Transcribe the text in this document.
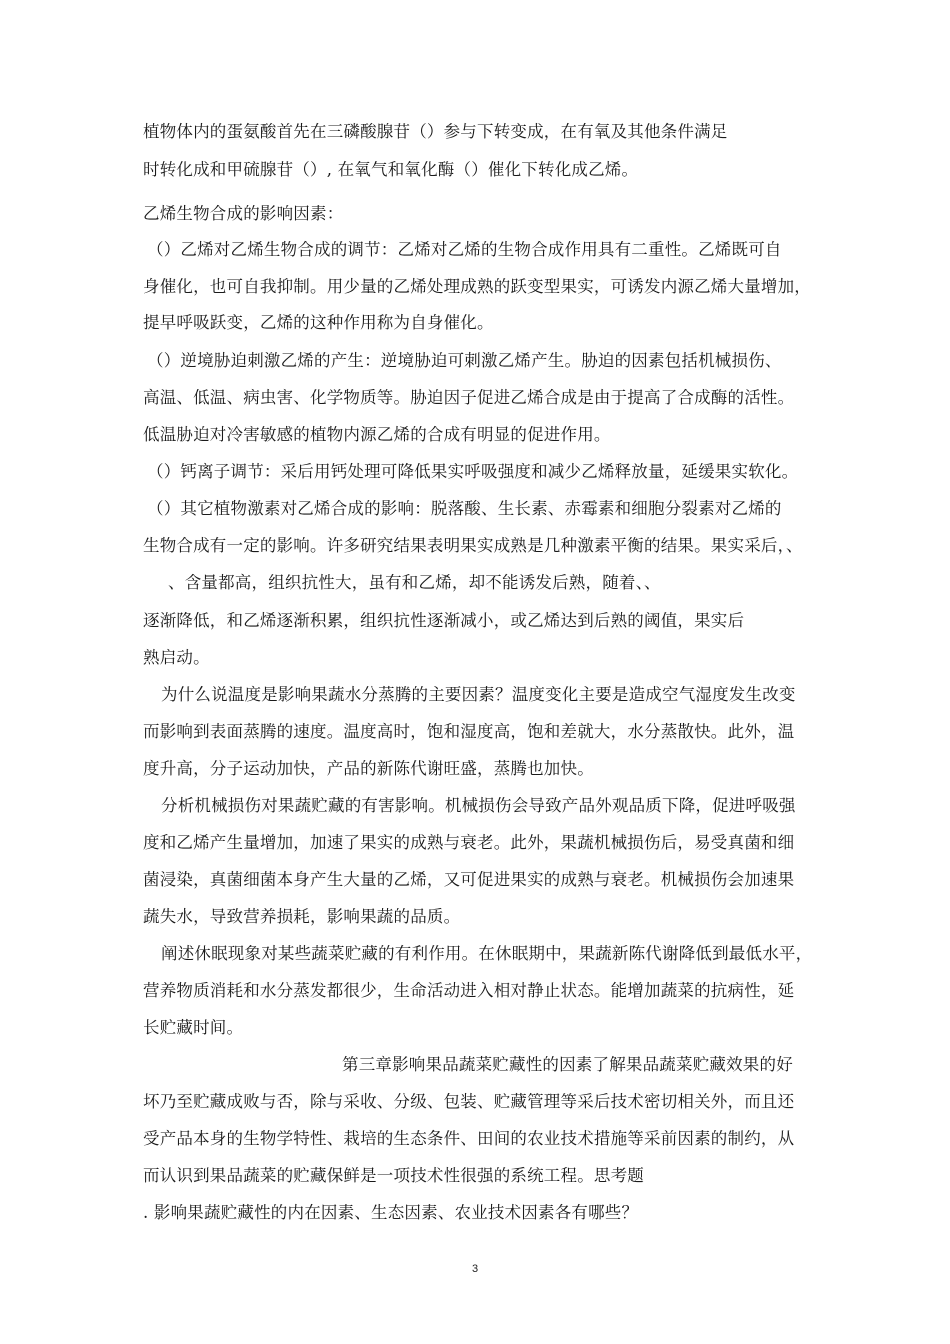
植物体内的蛋氨酸首先在三磷酸腺苷（）参与下转变成，在有氧及其他条件满足
时转化成和甲硫腺苷（）, 在氧气和氧化酶（）催化下转化成乙烯。
乙烯生物合成的影响因素：
（）乙烯对乙烯生物合成的调节：乙烯对乙烯的生物合成作用具有二重性。乙烯既可自
身催化，也可自我抑制。用少量的乙烯处理成熟的跃变型果实，可诱发内源乙烯大量增加，
提早呼吸跃变，乙烯的这种作用称为自身催化。
（）逆境胁迫刺激乙烯的产生：逆境胁迫可刺激乙烯产生。胁迫的因素包括机械损伤、
高温、低温、病虫害、化学物质等。胁迫因子促进乙烯合成是由于提高了合成酶的活性。
低温胁迫对冷害敏感的植物内源乙烯的合成有明显的促进作用。
（）钙离子调节：采后用钙处理可降低果实呼吸强度和减少乙烯释放量，延缓果实软化。
（）其它植物激素对乙烯合成的影响：脱落酸、生长素、赤霉素和细胞分裂素对乙烯的
生物合成有一定的影响。许多研究结果表明果实成熟是几种激素平衡的结果。果实采后，、
、含量都高，组织抗性大，虽有和乙烯，却不能诱发后熟，随着、、
逐渐降低，和乙烯逐渐积累，组织抗性逐渐减小，或乙烯达到后熟的阈值，果实后
熟启动。
为什么说温度是影响果蔬水分蒸腾的主要因素？温度变化主要是造成空气湿度发生改变
而影响到表面蒸腾的速度。温度高时，饱和湿度高，饱和差就大，水分蒸散快。此外，温
度升高，分子运动加快，产品的新陈代谢旺盛，蒸腾也加快。
分析机械损伤对果蔬贮藏的有害影响。机械损伤会导致产品外观品质下降，促进呼吸强
度和乙烯产生量增加，加速了果实的成熟与衰老。此外，果蔬机械损伤后，易受真菌和细
菌浸染，真菌细菌本身产生大量的乙烯，又可促进果实的成熟与衰老。机械损伤会加速果
蔬失水，导致营养损耗，影响果蔬的品质。
阐述休眠现象对某些蔬菜贮藏的有利作用。在休眠期中，果蔬新陈代谢降低到最低水平，
营养物质消耗和水分蒸发都很少，生命活动进入相对静止状态。能增加蔬菜的抗病性，延
长贮藏时间。
第三章影响果品蔬菜贮藏性的因素了解果品蔬菜贮藏效果的好
坏乃至贮藏成败与否，除与采收、分级、包装、贮藏管理等采后技术密切相关外，而且还
受产品本身的生物学特性、栽培的生态条件、田间的农业技术措施等采前因素的制约，从
而认识到果品蔬菜的贮藏保鲜是一项技术性很强的系统工程。思考题
. 影响果蔬贮藏性的内在因素、生态因素、农业技术因素各有哪些？
3
